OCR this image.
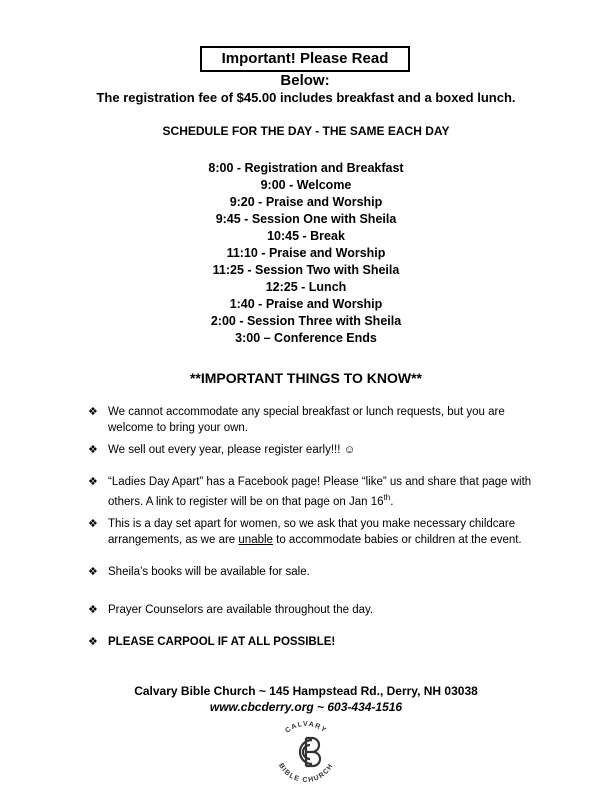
Important! Please Read Below:
The registration fee of $45.00 includes breakfast and a boxed lunch.
SCHEDULE FOR THE DAY - THE SAME EACH DAY
8:00 - Registration and Breakfast
9:00 - Welcome
9:20 - Praise and Worship
9:45 - Session One with Sheila
10:45 - Break
11:10 - Praise and Worship
11:25 - Session Two with Sheila
12:25 - Lunch
1:40 - Praise and Worship
2:00 - Session Three with Sheila
3:00 – Conference Ends
**IMPORTANT THINGS TO KNOW**
❖ We cannot accommodate any special breakfast or lunch requests, but you are welcome to bring your own.
❖ We sell out every year, please register early!!! ☺
❖ “Ladies Day Apart” has a Facebook page! Please “like” us and share that page with others. A link to register will be on that page on Jan 16th.
❖ This is a day set apart for women, so we ask that you make necessary childcare arrangements, as we are unable to accommodate babies or children at the event.
❖ Sheila’s books will be available for sale.
❖ Prayer Counselors are available throughout the day.
❖ PLEASE CARPOOL IF AT ALL POSSIBLE!
Calvary Bible Church ~ 145 Hampstead Rd., Derry, NH 03038
www.cbcderry.org ~ 603-434-1516
CALVARY
BIBLE CHURCH
